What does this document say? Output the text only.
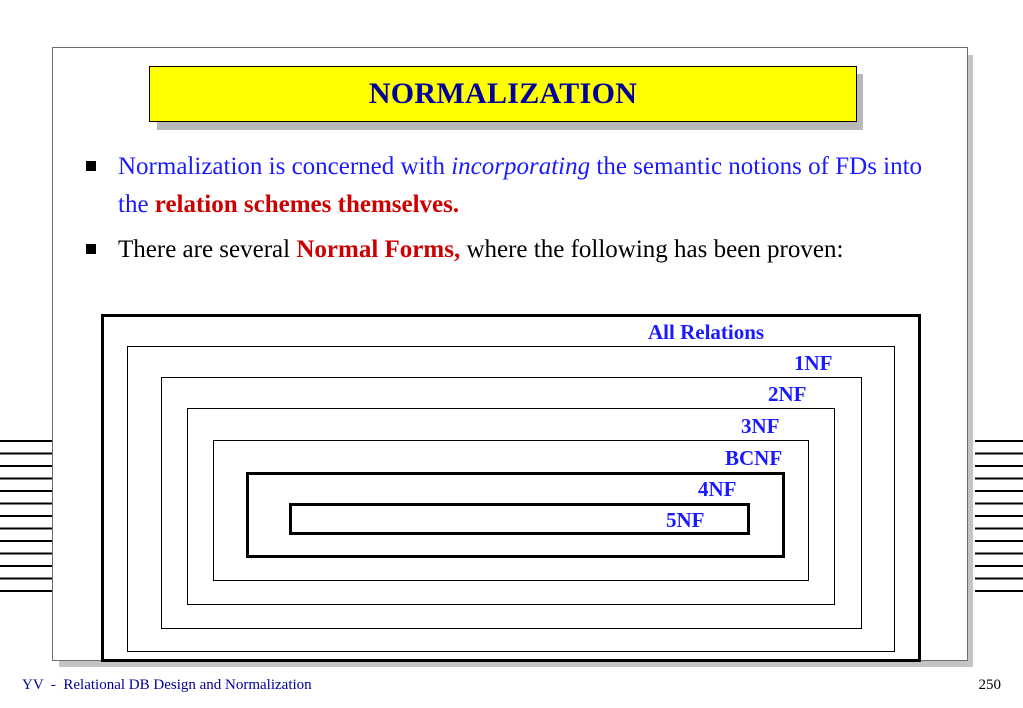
NORMALIZATION
Normalization is concerned with incorporating the semantic notions of FDs into the relation schemes themselves.
There are several Normal Forms, where the following has been proven:
All Relations
1NF
2NF
3NF
BCNF
4NF
5NF
YV  -  Relational DB Design and Normalization	250
